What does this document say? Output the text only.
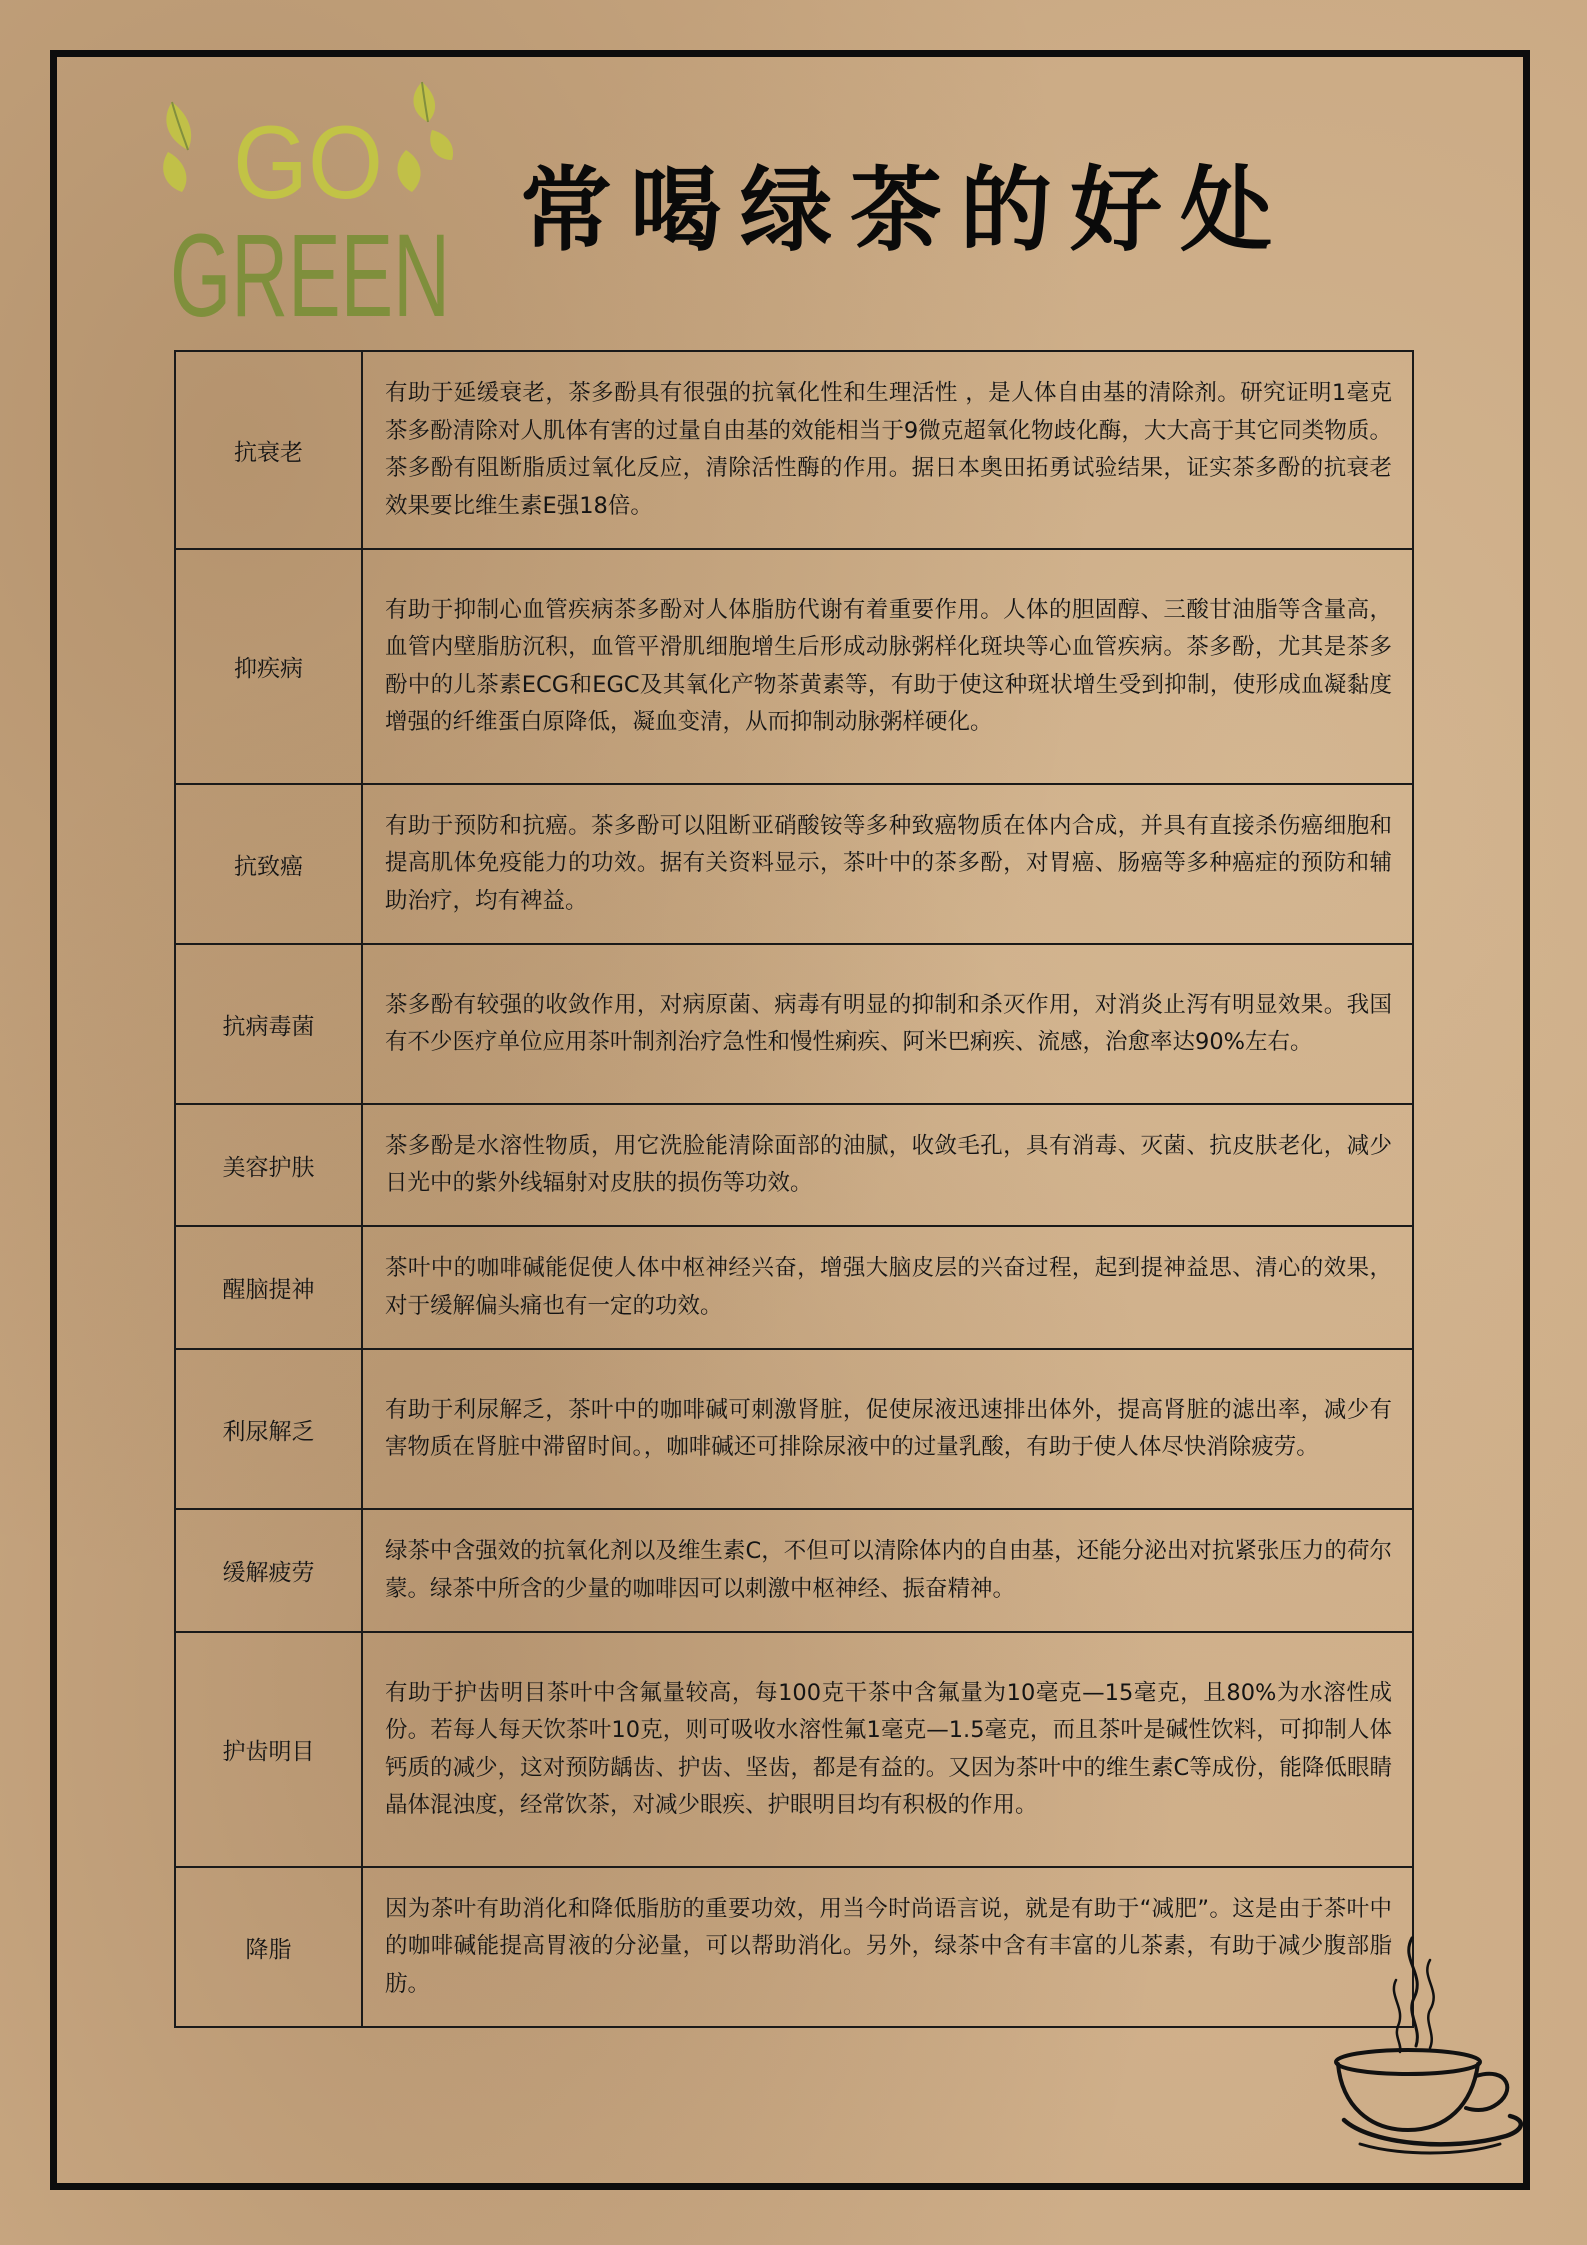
GO
GREEN 常喝绿茶的好处
抗衰老	有助于延缓衰老，茶多酚具有很强的抗氧化性和生理活性 ，是人体自由基的清除剂。研究证明1毫克茶多酚清除对人肌体有害的过量自由基的效能相当于9微克超氧化物歧化酶，大大高于其它同类物质。茶多酚有阻断脂质过氧化反应，清除活性酶的作用。据日本奥田拓勇试验结果，证实茶多酚的抗衰老效果要比维生素E强18倍。
抑疾病	有助于抑制心血管疾病茶多酚对人体脂肪代谢有着重要作用。人体的胆固醇、三酸甘油脂等含量高，血管内壁脂肪沉积，血管平滑肌细胞增生后形成动脉粥样化斑块等心血管疾病。茶多酚，尤其是茶多酚中的儿茶素ECG和EGC及其氧化产物茶黄素等，有助于使这种斑状增生受到抑制，使形成血凝黏度增强的纤维蛋白原降低，凝血变清，从而抑制动脉粥样硬化。
抗致癌	有助于预防和抗癌。茶多酚可以阻断亚硝酸铵等多种致癌物质在体内合成，并具有直接杀伤癌细胞和提高肌体免疫能力的功效。据有关资料显示，茶叶中的茶多酚，对胃癌、肠癌等多种癌症的预防和辅助治疗，均有裨益。
抗病毒菌	茶多酚有较强的收敛作用，对病原菌、病毒有明显的抑制和杀灭作用，对消炎止泻有明显效果。我国有不少医疗单位应用茶叶制剂治疗急性和慢性痢疾、阿米巴痢疾、流感，治愈率达90%左右。
美容护肤	茶多酚是水溶性物质，用它洗脸能清除面部的油腻，收敛毛孔，具有消毒、灭菌、抗皮肤老化，减少日光中的紫外线辐射对皮肤的损伤等功效。
醒脑提神	茶叶中的咖啡碱能促使人体中枢神经兴奋，增强大脑皮层的兴奋过程，起到提神益思、清心的效果，对于缓解偏头痛也有一定的功效。
利尿解乏	有助于利尿解乏，茶叶中的咖啡碱可刺激肾脏，促使尿液迅速排出体外，提高肾脏的滤出率，减少有害物质在肾脏中滞留时间。，咖啡碱还可排除尿液中的过量乳酸，有助于使人体尽快消除疲劳。
缓解疲劳	绿茶中含强效的抗氧化剂以及维生素C，不但可以清除体内的自由基，还能分泌出对抗紧张压力的荷尔蒙。绿茶中所含的少量的咖啡因可以刺激中枢神经、振奋精神。
护齿明目	有助于护齿明目茶叶中含氟量较高，每100克干茶中含氟量为10毫克—15毫克，且80%为水溶性成份。若每人每天饮茶叶10克，则可吸收水溶性氟1毫克—1.5毫克，而且茶叶是碱性饮料，可抑制人体钙质的减少，这对预防龋齿、护齿、坚齿，都是有益的。又因为茶叶中的维生素C等成份，能降低眼睛晶体混浊度，经常饮茶，对减少眼疾、护眼明目均有积极的作用。
降脂	因为茶叶有助消化和降低脂肪的重要功效，用当今时尚语言说，就是有助于“减肥”。这是由于茶叶中的咖啡碱能提高胃液的分泌量，可以帮助消化。另外，绿茶中含有丰富的儿茶素，有助于减少腹部脂肪。
